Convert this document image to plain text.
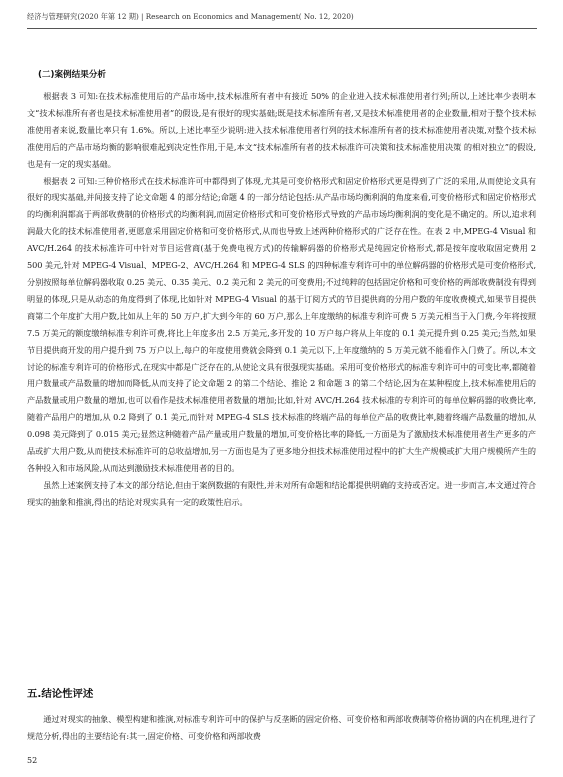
经济与管理研究(2020 年第 12 期) | Research on Economics and Management( No. 12, 2020)
(二)案例结果分析

根据表 3 可知:在技术标准使用后的产品市场中,技术标准所有者中有接近 50% 的企业进入技术标准使用者行列;所以,上述比率少表明本文“技术标准所有者也是技术标准使用者”的假设,是有很好的现实基础;既是技术标准所有者,又是技术标准使用者的企业数量,相对于整个技术标准使用者来说,数量比率只有 1.6%。所以,上述比率至少说明:进入技术标准使用者行列的技术标准所有者的技术标准使用者决策,对整个技术标准使用后的产品市场均衡的影响很难起到决定性作用,于是,本文“技术标准所有者的技术标准许可决策和技术标准使用决策 的相对独立”的假设,也是有一定的现实基础。

根据表 2 可知:三种价格形式在技术标准许可中都得到了体现,尤其是可变价格形式和固定价格形式更是得到了广泛的采用,从而使论文具有很好的现实基础,并间接支持了论文命题 4 的部分结论;命题 4 的一部分结论包括:从产品市场均衡利润的角度来看,可变价格形式和固定价格形式的均衡利润都高于两部收费制的价格形式的均衡利润,而固定价格形式和可变价格形式导致的产品市场均衡利润的变化是不确定的。所以,追求利润最大化的技术标准使用者,更愿意采用固定价格和可变价格形式,从而也导致上述两种价格形式的广泛存在性。在表 2 中,MPEG-4 Visual 和 AVC/H.264 的技术标准许可中针对节目运营商(基于免费电视方式)的传输解码器的价格形式是纯固定价格形式,都是按年度收取固定费用 2 500 美元,针对 MPEG-4 Visual、MPEG-2、AVC/H.264 和 MPEG-4 SLS 的四种标准专利许可中的单位解码器的价格形式是可变价格形式,分别按照每单位解码器收取 0.25 美元、0.35 美元、0.2 美元和 2 美元的可变费用;不过纯粹的包括固定价格和可变价格的两部收费制没有得到明显的体现,只是从动态的角度得到了体现,比如针对 MPEG-4 Visual 的基于订阅方式的节目提供商的分用户数的年度收费模式,如果节目提供商第二个年度扩大用户数,比如从上年的 50 万户,扩大到今年的 60 万户,那么上年度缴纳的标准专利许可费 5 万美元相当于入门费,今年将按照 7.5 万美元的额度缴纳标准专利许可费,将比上年度多出 2.5 万美元,多开发的 10 万户每户将从上年度的 0.1 美元提升到 0.25 美元;当然,如果节目提供商开发的用户提升到 75 万户以上,每户的年度使用费就会降到 0.1 美元以下,上年度缴纳的 5 万美元就不能看作入门费了。所以,本文讨论的标准专利许可的价格形式,在现实中都是广泛存在的,从使论文具有很强现实基础。采用可变价格形式的标准专利许可中的可变比率,都随着用户数量或产品数量的增加而降低,从而支持了论文命题 2 的第二个结论、推论 2 和命题 3 的第二个结论,因为在某种程度上,技术标准使用后的产品数量或用户数量的增加,也可以看作是技术标准使用者数量的增加;比如,针对 AVC/H.264 技术标准的专利许可的每单位解码器的收费比率,随着产品用户的增加,从 0.2 降到了 0.1 美元,而针对 MPEG-4 SLS 技术标准的终端产品的每单位产品的收费比率,随着终端产品数量的增加,从 0.098 美元降到了 0.015 美元;显然这种随着产品产量或用户数量的增加,可变价格比率的降低,一方面是为了激励技术标准使用者生产更多的产品或扩大用户数,从而使技术标准许可的总收益增加,另一方面也是为了更多地分担技术标准使用过程中的扩大生产规模或扩大用户规模所产生的各种投入和市场风险,从而达到激励技术标准使用者的目的。

虽然上述案例支持了本文的部分结论,但由于案例数据的有限性,并未对所有命题和结论都提供明确的支持或否定。进一步而言,本文通过符合现实的抽象和推演,得出的结论对现实具有一定的政策性启示。

五.结论性评述

通过对现实的抽象、模型构建和推演,对标准专利许可中的保护与反垄断的固定价格、可变价格和两部收费制等价格协调的内在机理,进行了规范分析,得出的主要结论有:其一,固定价格、可变价格和两部收费

52
